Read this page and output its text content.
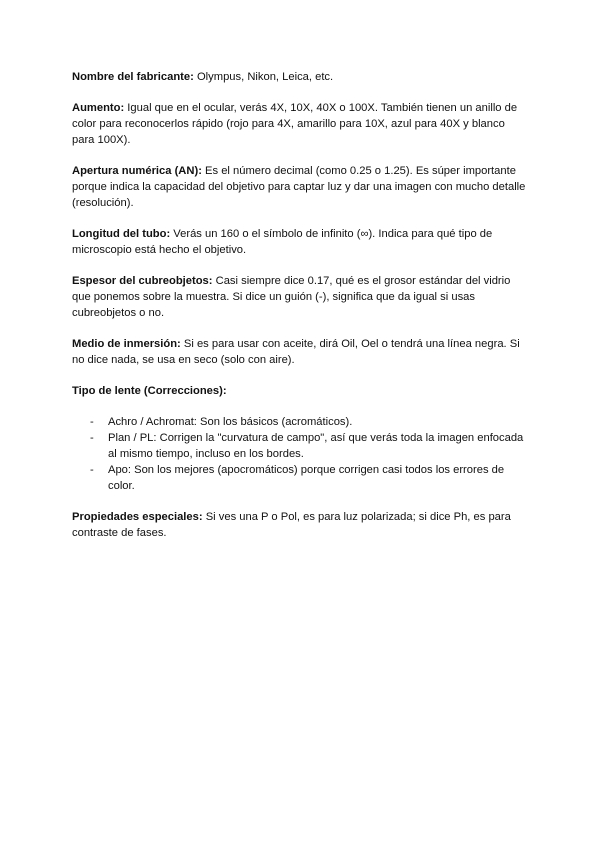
Nombre del fabricante: Olympus, Nikon, Leica, etc.

Aumento: Igual que en el ocular, verás 4X, 10X, 40X o 100X. También tienen un anillo de color para reconocerlos rápido (rojo para 4X, amarillo para 10X, azul para 40X y blanco para 100X).

Apertura numérica (AN): Es el número decimal (como 0.25 o 1.25). Es súper importante porque indica la capacidad del objetivo para captar luz y dar una imagen con mucho detalle (resolución).

Longitud del tubo: Verás un 160 o el símbolo de infinito (∞). Indica para qué tipo de microscopio está hecho el objetivo.

Espesor del cubreobjetos: Casi siempre dice 0.17, qué es el grosor estándar del vidrio que ponemos sobre la muestra. Si dice un guión (-), significa que da igual si usas cubreobjetos o no.

Medio de inmersión: Si es para usar con aceite, dirá Oil, Oel o tendrá una línea negra. Si no dice nada, se usa en seco (solo con aire).

Tipo de lente (Correcciones):

- Achro / Achromat: Son los básicos (acromáticos).
- Plan / PL: Corrigen la "curvatura de campo", así que verás toda la imagen enfocada al mismo tiempo, incluso en los bordes.
- Apo: Son los mejores (apocromáticos) porque corrigen casi todos los errores de color.

Propiedades especiales: Si ves una P o Pol, es para luz polarizada; si dice Ph, es para contraste de fases.
